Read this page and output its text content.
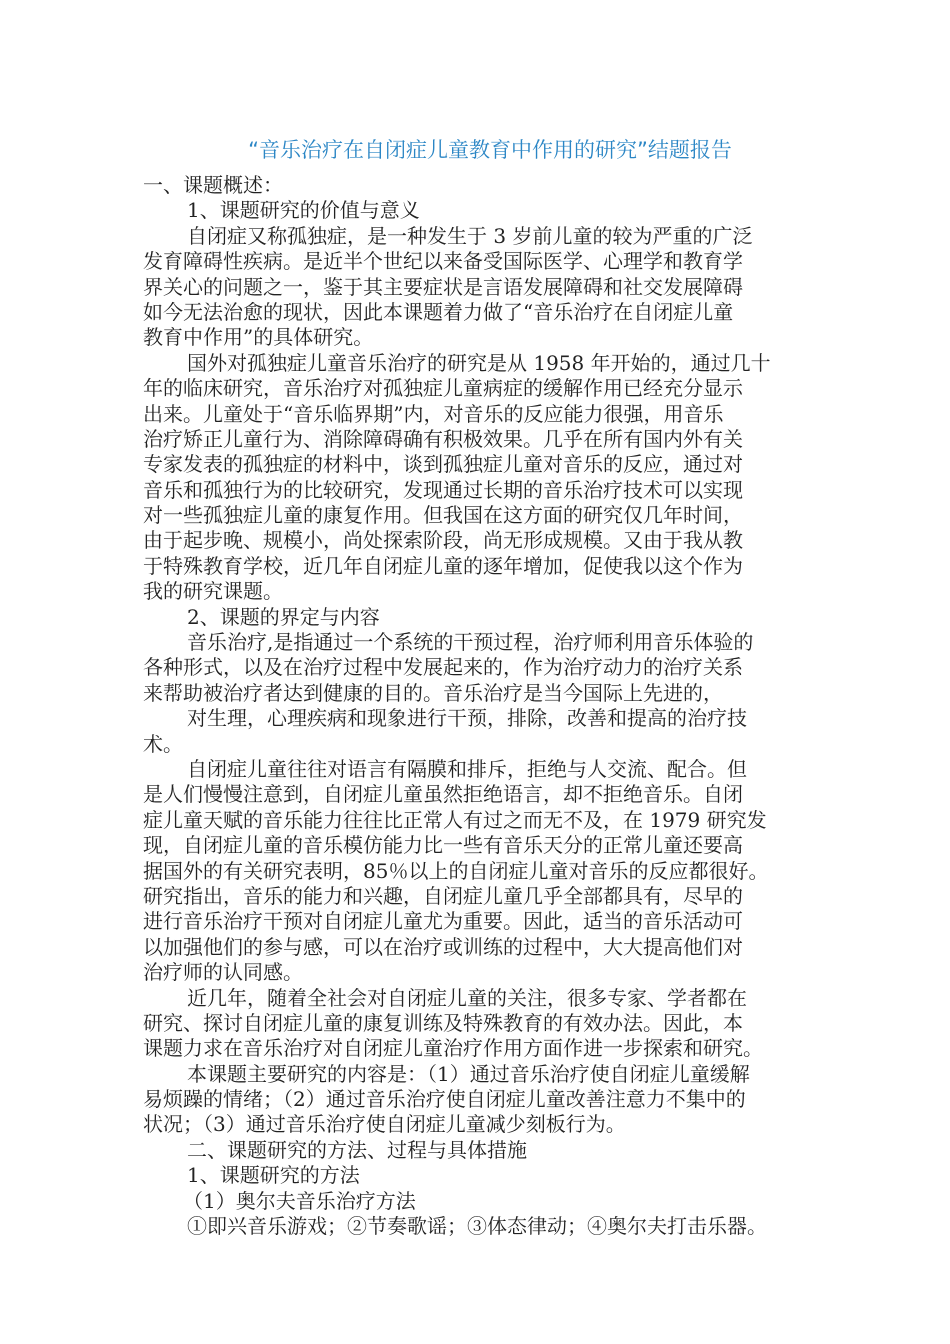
“音乐治疗在自闭症儿童教育中作用的研究”结题报告
一、课题概述：
1、课题研究的价值与意义
自闭症又称孤独症，是一种发生于 3 岁前儿童的较为严重的广泛
发育障碍性疾病。是近半个世纪以来备受国际医学、心理学和教育学
界关心的问题之一，鉴于其主要症状是言语发展障碍和社交发展障碍
如今无法治愈的现状，因此本课题着力做了“音乐治疗在自闭症儿童
教育中作用”的具体研究。
国外对孤独症儿童音乐治疗的研究是从 1958 年开始的，通过几十
年的临床研究，音乐治疗对孤独症儿童病症的缓解作用已经充分显示
出来。儿童处于“音乐临界期”内，对音乐的反应能力很强，用音乐
治疗矫正儿童行为、消除障碍确有积极效果。几乎在所有国内外有关
专家发表的孤独症的材料中，谈到孤独症儿童对音乐的反应，通过对
音乐和孤独行为的比较研究，发现通过长期的音乐治疗技术可以实现
对一些孤独症儿童的康复作用。但我国在这方面的研究仅几年时间，
由于起步晚、规模小，尚处探索阶段，尚无形成规模。又由于我从教
于特殊教育学校，近几年自闭症儿童的逐年增加，促使我以这个作为
我的研究课题。
2、课题的界定与内容
音乐治疗,是指通过一个系统的干预过程，治疗师利用音乐体验的
各种形式，以及在治疗过程中发展起来的，作为治疗动力的治疗关系
来帮助被治疗者达到健康的目的。音乐治疗是当今国际上先进的，
对生理，心理疾病和现象进行干预，排除，改善和提高的治疗技
术。
自闭症儿童往往对语言有隔膜和排斥，拒绝与人交流、配合。但
是人们慢慢注意到，自闭症儿童虽然拒绝语言，却不拒绝音乐。自闭
症儿童天赋的音乐能力往往比正常人有过之而无不及，在 1979 研究发
现，自闭症儿童的音乐模仿能力比一些有音乐天分的正常儿童还要高
据国外的有关研究表明，85％以上的自闭症儿童对音乐的反应都很好。
研究指出，音乐的能力和兴趣，自闭症儿童几乎全部都具有，尽早的
进行音乐治疗干预对自闭症儿童尤为重要。因此，适当的音乐活动可
以加强他们的参与感，可以在治疗或训练的过程中，大大提高他们对
治疗师的认同感。
近几年，随着全社会对自闭症儿童的关注，很多专家、学者都在
研究、探讨自闭症儿童的康复训练及特殊教育的有效办法。因此，本
课题力求在音乐治疗对自闭症儿童治疗作用方面作进一步探索和研究。
本课题主要研究的内容是：（1）通过音乐治疗使自闭症儿童缓解
易烦躁的情绪；（2）通过音乐治疗使自闭症儿童改善注意力不集中的
状况；（3）通过音乐治疗使自闭症儿童减少刻板行为。
二、课题研究的方法、过程与具体措施
1、课题研究的方法
（1）奥尔夫音乐治疗方法
①即兴音乐游戏；②节奏歌谣；③体态律动；④奥尔夫打击乐器。
